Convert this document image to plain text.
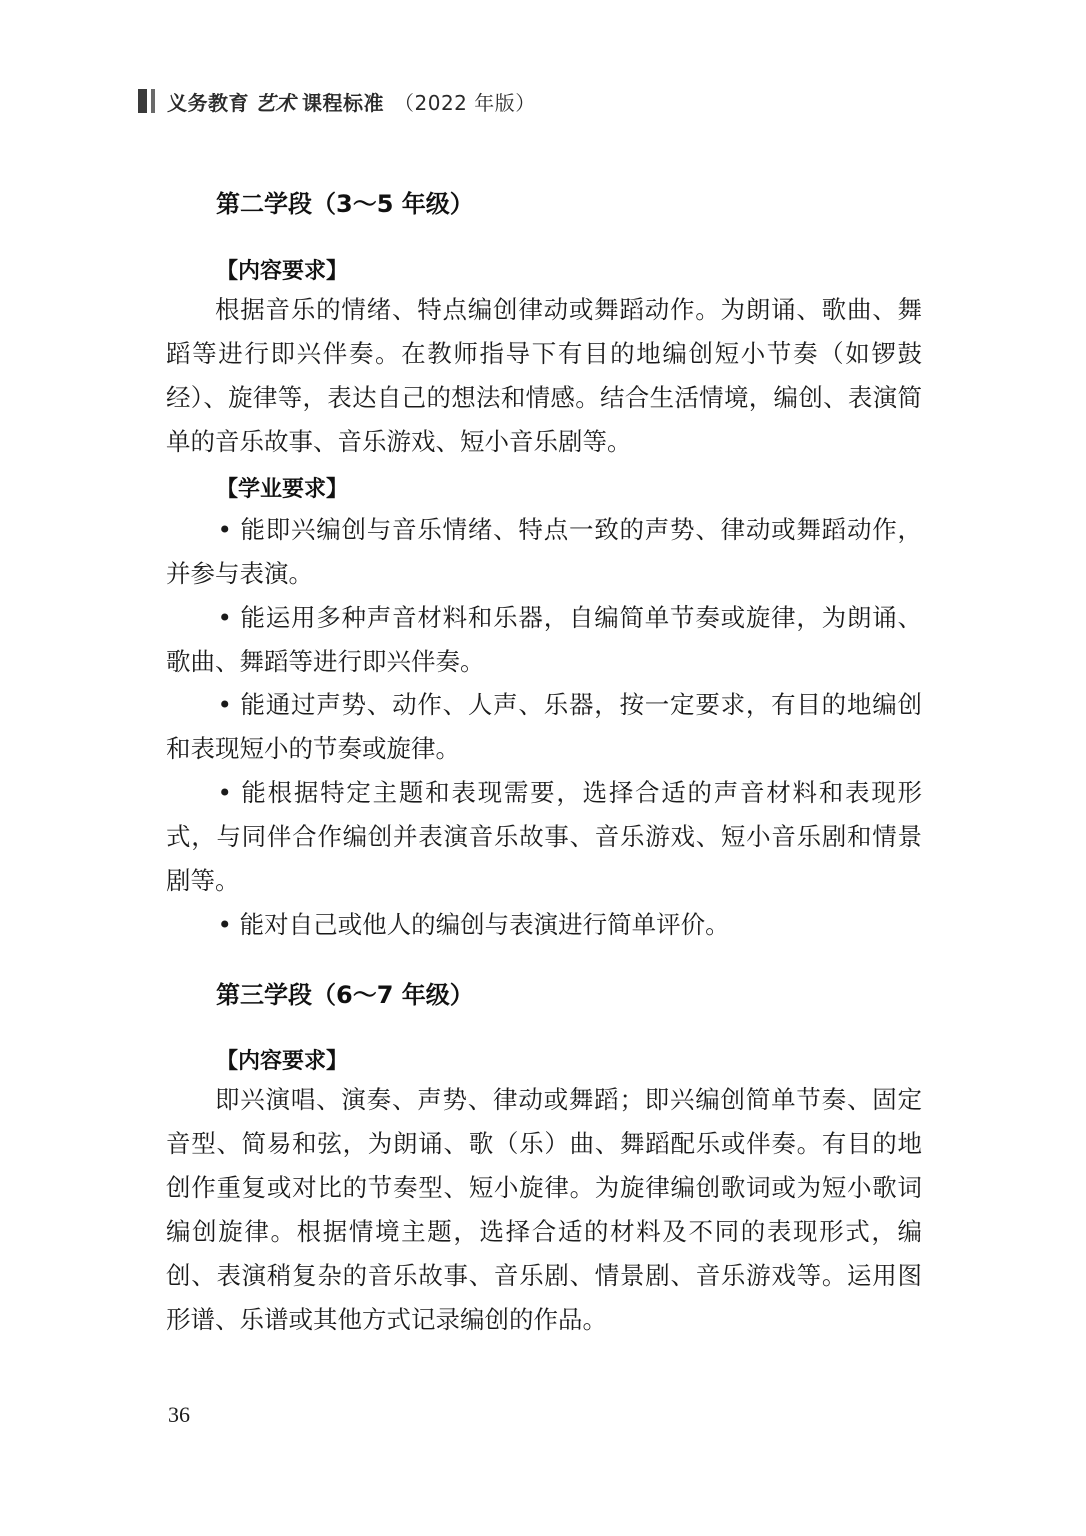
义务教育 艺术 课程标准 （2022 年版）
第二学段（3～5 年级）
【内容要求】

根据音乐的情绪、特点编创律动或舞蹈动作。为朗诵、歌曲、舞蹈等进行即兴伴奏。在教师指导下有目的地编创短小节奏（如锣鼓经）、旋律等，表达自己的想法和情感。结合生活情境，编创、表演简单的音乐故事、音乐游戏、短小音乐剧等。

【学业要求】

• 能即兴编创与音乐情绪、特点一致的声势、律动或舞蹈动作，并参与表演。

• 能运用多种声音材料和乐器，自编简单节奏或旋律，为朗诵、歌曲、舞蹈等进行即兴伴奏。

• 能通过声势、动作、人声、乐器，按一定要求，有目的地编创和表现短小的节奏或旋律。

• 能根据特定主题和表现需要，选择合适的声音材料和表现形式，与同伴合作编创并表演音乐故事、音乐游戏、短小音乐剧和情景剧等。

• 能对自己或他人的编创与表演进行简单评价。

第三学段（6～7 年级）
【内容要求】

即兴演唱、演奏、声势、律动或舞蹈；即兴编创简单节奏、固定音型、简易和弦，为朗诵、歌（乐）曲、舞蹈配乐或伴奏。有目的地创作重复或对比的节奏型、短小旋律。为旋律编创歌词或为短小歌词编创旋律。根据情境主题，选择合适的材料及不同的表现形式，编创、表演稍复杂的音乐故事、音乐剧、情景剧、音乐游戏等。运用图形谱、乐谱或其他方式记录编创的作品。

36
